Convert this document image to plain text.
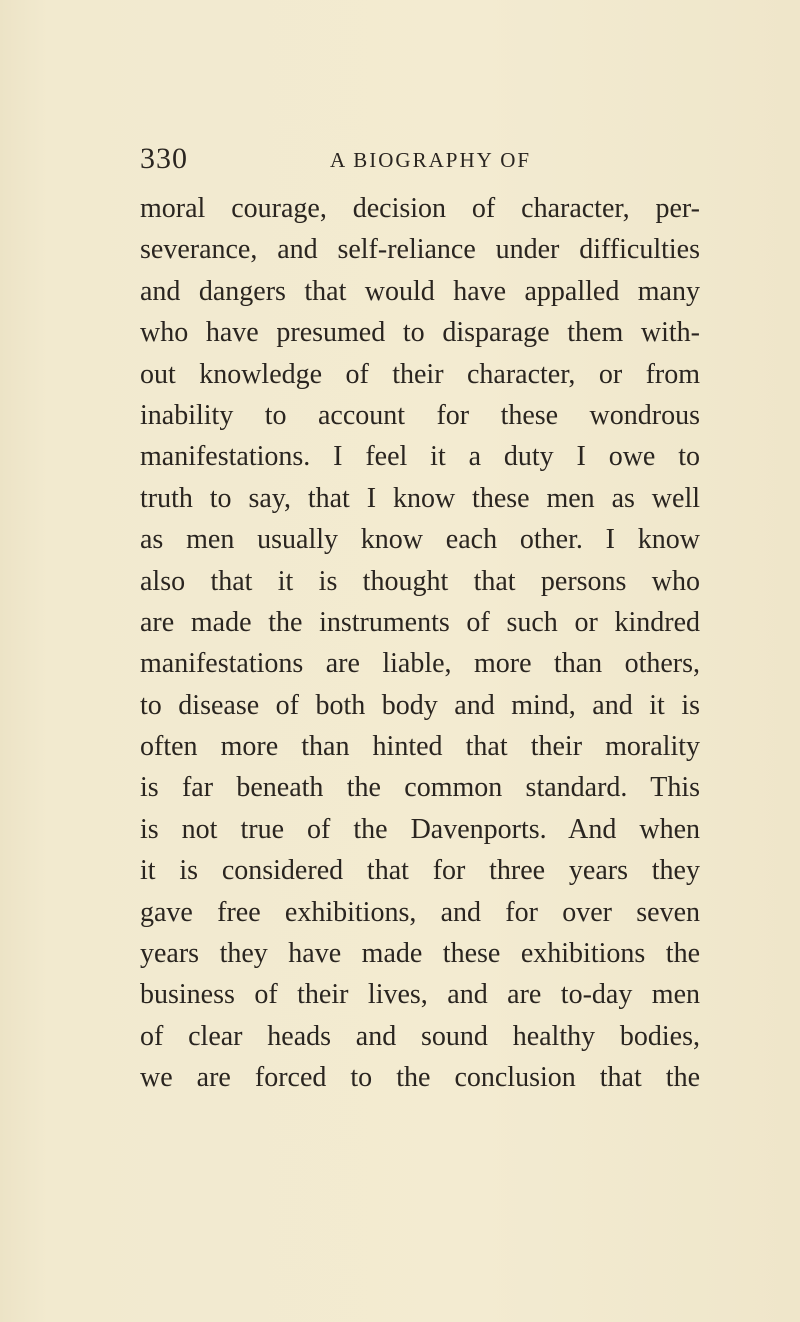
330	A BIOGRAPHY OF
moral courage, decision of character, per-
severance, and self-reliance under difficulties
and dangers that would have appalled many
who have presumed to disparage them with-
out knowledge of their character, or from
inability to account for these wondrous
manifestations. I feel it a duty I owe to
truth to say, that I know these men as well
as men usually know each other. I know
also that it is thought that persons who
are made the instruments of such or kindred
manifestations are liable, more than others,
to disease of both body and mind, and it is
often more than hinted that their morality
is far beneath the common standard. This
is not true of the Davenports. And when
it is considered that for three years they
gave free exhibitions, and for over seven
years they have made these exhibitions the
business of their lives, and are to-day men
of clear heads and sound healthy bodies,
we are forced to the conclusion that the
